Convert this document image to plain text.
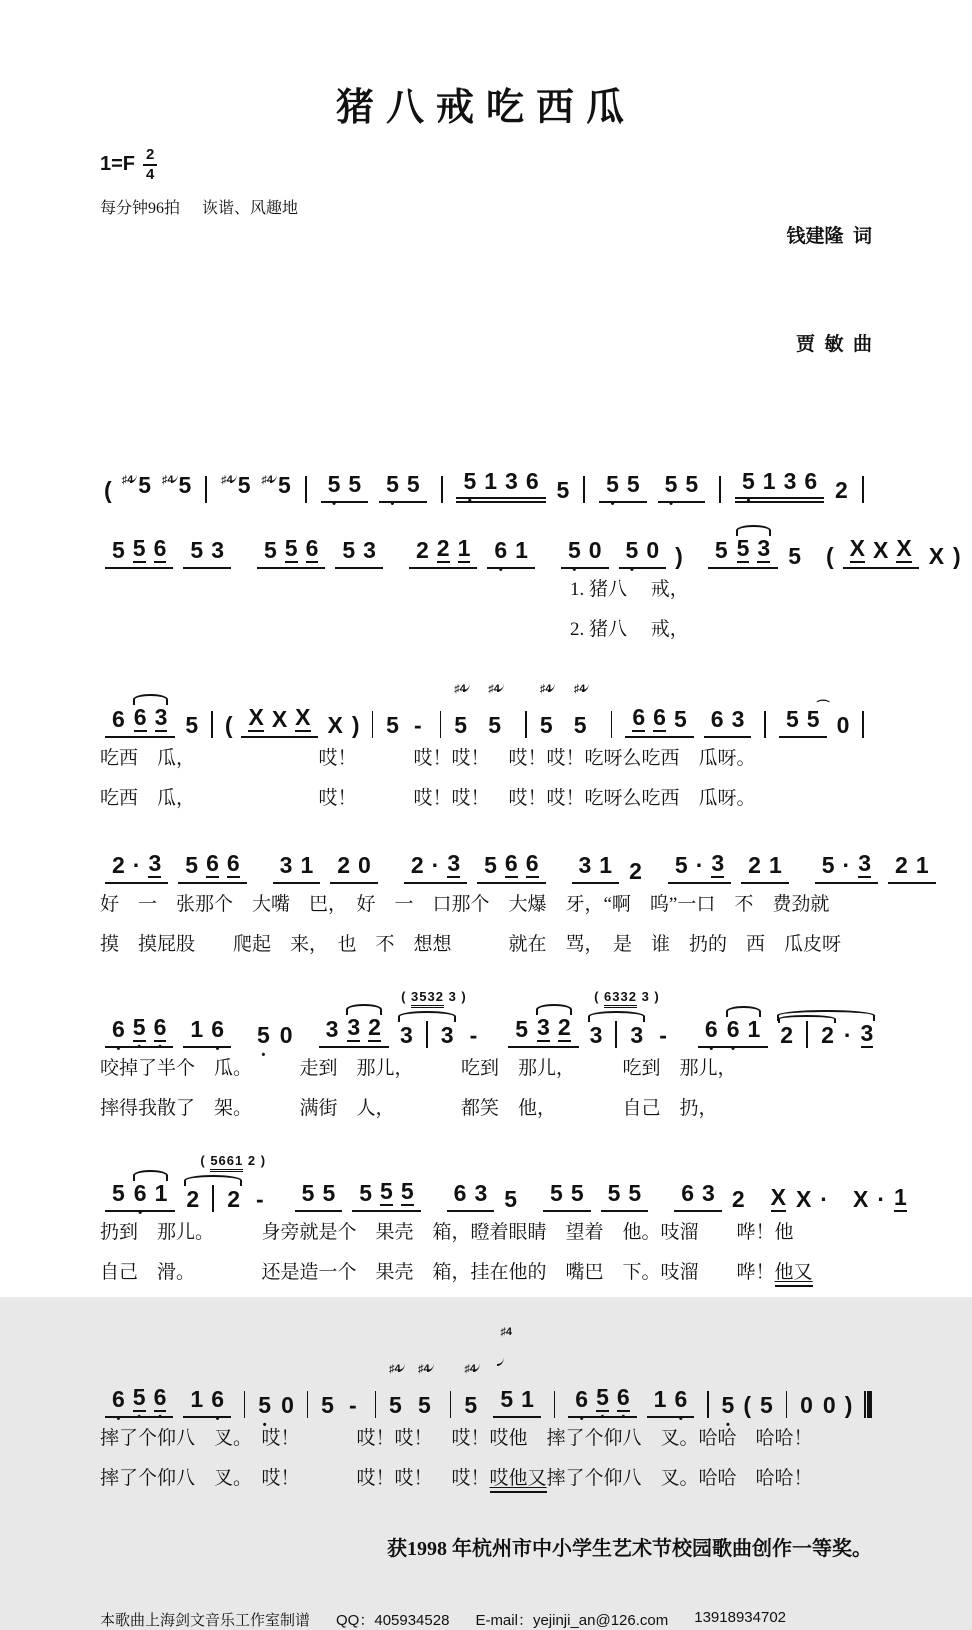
猪八戒吃西瓜
$1=F \frac{2}{4}$
每分钟96拍 诙谐、风趣地

钱建隆  词

贾  敏  曲

( $^{♯4}$ 5 $^{♯4}$ 5	$^{♯4}$ 5 $^{♯4}$ 5 5 • 5 5 • 5 5 • 1 3 6 5 5 • 5 5 • 5 5 • 1 3 6 2
5 5 6 5 3 5 5 6 5 3 2 2 1 6 • 1 5 • 0 5 • 0 ) 5 5 3 5 ( X X X X )
1. 猪八　 戒，
2. 猪八　 戒，
6 6 3 5 ( X X X X ) 5 -
$^{♯4}$5
$^{♯4}$5
$^{♯4}$5
$^{♯4}$5	6 6 5 6 3 5 ⌒ 5 0
吃西　瓜，　　　　　　　哎！　　　哎！哎！　哎！哎！吃呀么吃西　瓜呀。
吃西　瓜，　　　　　　　哎！　　　哎！哎！　哎！哎！吃呀么吃西　瓜呀。
2 · 3 5 6 6 3 1 2 0 2 · 3 5 6 6 3 1 2 5 · 3 2 1 5 · 3 2 1
好　一　张那个　大嘴　巴，　好　一　口那个　大爆　牙，“啊　呜”一口　不　费劲就
摸　摸屁股　　爬起　来，　也　不　想想　　　就在　骂，　是　谁　扔的　西　瓜皮呀
( 3532 3 )	( 6332 3 )
6 • 5 • 6 • 1 6 • 5 • 0 3 3 2 3 3 - 5 3 2 3 3 - 6 • 6 • 1 2 2 · 3
咬掉了半个　瓜。　　　走到　那儿，　　　吃到　那儿，　　　吃到　那儿，
摔得我散了　架。　　　满街　人，　　　　都笑　他，　　　　自己　扔，
( 5661 2 )
5 6 • 1 2 2 - 5 5 5 5 5 6 3 5 5 5 5 5 6 3 2 X X · X · 1
扔到　那儿。　　　身旁就是个　果壳　箱，瞪着眼睛　望着　他。吱溜　　哗！他
自己　滑。　　　　还是造一个　果壳　箱，挂在他的　嘴巴　下。吱溜　　哗！他又
6 • 5 • 6 • 1 6 • 5 • 0 5 -
$^{♯4}$5
$^{♯4}$5
$^{♯4}$5
$^{♯4}$5 1 6 • 5 • 6 • 1 6 • 5 • ( 5 0 0 )
摔了个仰八　叉。　哎！　　　哎！哎！　哎！哎他　摔了个仰八　叉。哈哈　哈哈！
摔了个仰八　叉。　哎！　　　哎！哎！　哎！哎他又摔了个仰八　叉。哈哈　哈哈！
获1998 年杭州市中小学生艺术节校园歌曲创作一等奖。
本歌曲上海剑文音乐工作室制谱 QQ：405934528 E-mail：yejinji_an@126.com 13918934702
